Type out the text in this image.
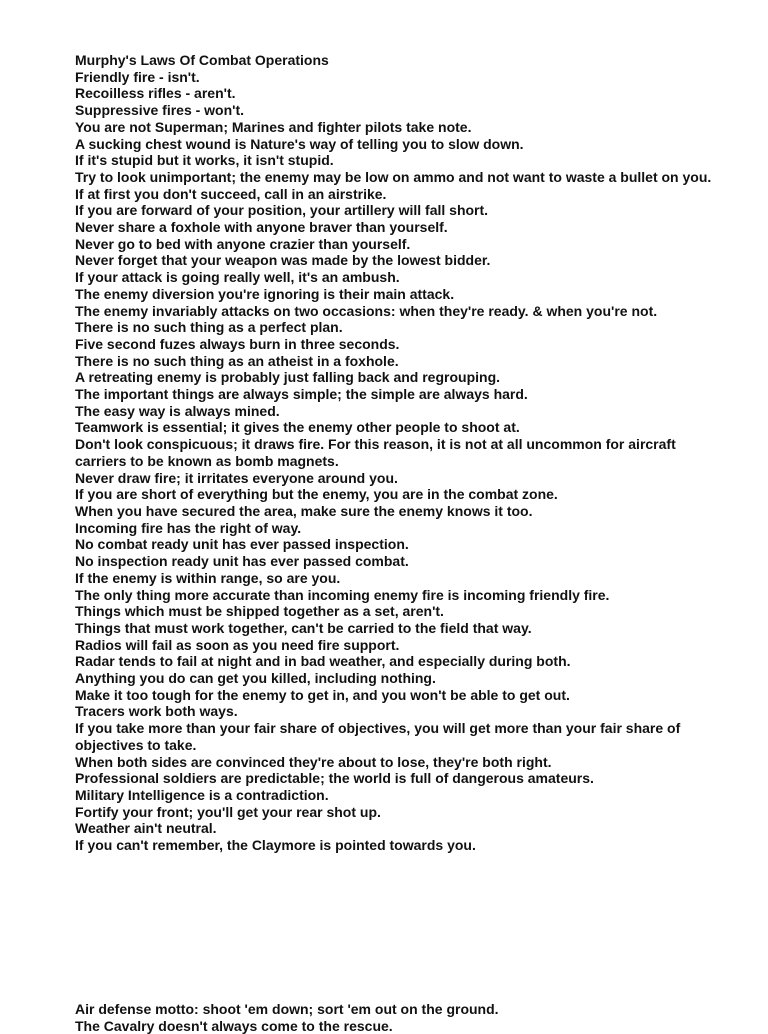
Murphy's Laws Of Combat Operations

Friendly fire - isn't.

Recoilless rifles - aren't.

Suppressive fires - won't.

You are not Superman; Marines and fighter pilots take note.

A sucking chest wound is Nature's way of telling you to slow down.

If it's stupid but it works, it isn't stupid.

Try to look unimportant; the enemy may be low on ammo and not want to waste a bullet on you.

If at first you don't succeed, call in an airstrike.

If you are forward of your position, your artillery will fall short.

Never share a foxhole with anyone braver than yourself.

Never go to bed with anyone crazier than yourself.

Never forget that your weapon was made by the lowest bidder.

If your attack is going really well, it's an ambush.

The enemy diversion you're ignoring is their main attack.

The enemy invariably attacks on two occasions: when they're ready. & when you're not.

There is no such thing as a perfect plan.

Five second fuzes always burn in three seconds.

There is no such thing as an atheist in a foxhole.

A retreating enemy is probably just falling back and regrouping.

The important things are always simple; the simple are always hard.

The easy way is always mined.

Teamwork is essential; it gives the enemy other people to shoot at.

Don't look conspicuous; it draws fire. For this reason, it is not at all uncommon for aircraft carriers to be known as bomb magnets.

Never draw fire; it irritates everyone around you.

If you are short of everything but the enemy, you are in the combat zone.

When you have secured the area, make sure the enemy knows it too.

Incoming fire has the right of way.

No combat ready unit has ever passed inspection.

No inspection ready unit has ever passed combat.

If the enemy is within range, so are you.

The only thing more accurate than incoming enemy fire is incoming friendly fire.

Things which must be shipped together as a set, aren't.

Things that must work together, can't be carried to the field that way.

Radios will fail as soon as you need fire support.

Radar tends to fail at night and in bad weather, and especially during both.

Anything you do can get you killed, including nothing.

Make it too tough for the enemy to get in, and you won't be able to get out.

Tracers work both ways.

If you take more than your fair share of objectives, you will get more than your fair share of objectives to take.

When both sides are convinced they're about to lose, they're both right.

Professional soldiers are predictable; the world is full of dangerous amateurs.

Military Intelligence is a contradiction.

Fortify your front; you'll get your rear shot up.

Weather ain't neutral.

If you can't remember, the Claymore is pointed towards you.

Air defense motto: shoot 'em down; sort 'em out on the ground.

The Cavalry doesn't always come to the rescue.
